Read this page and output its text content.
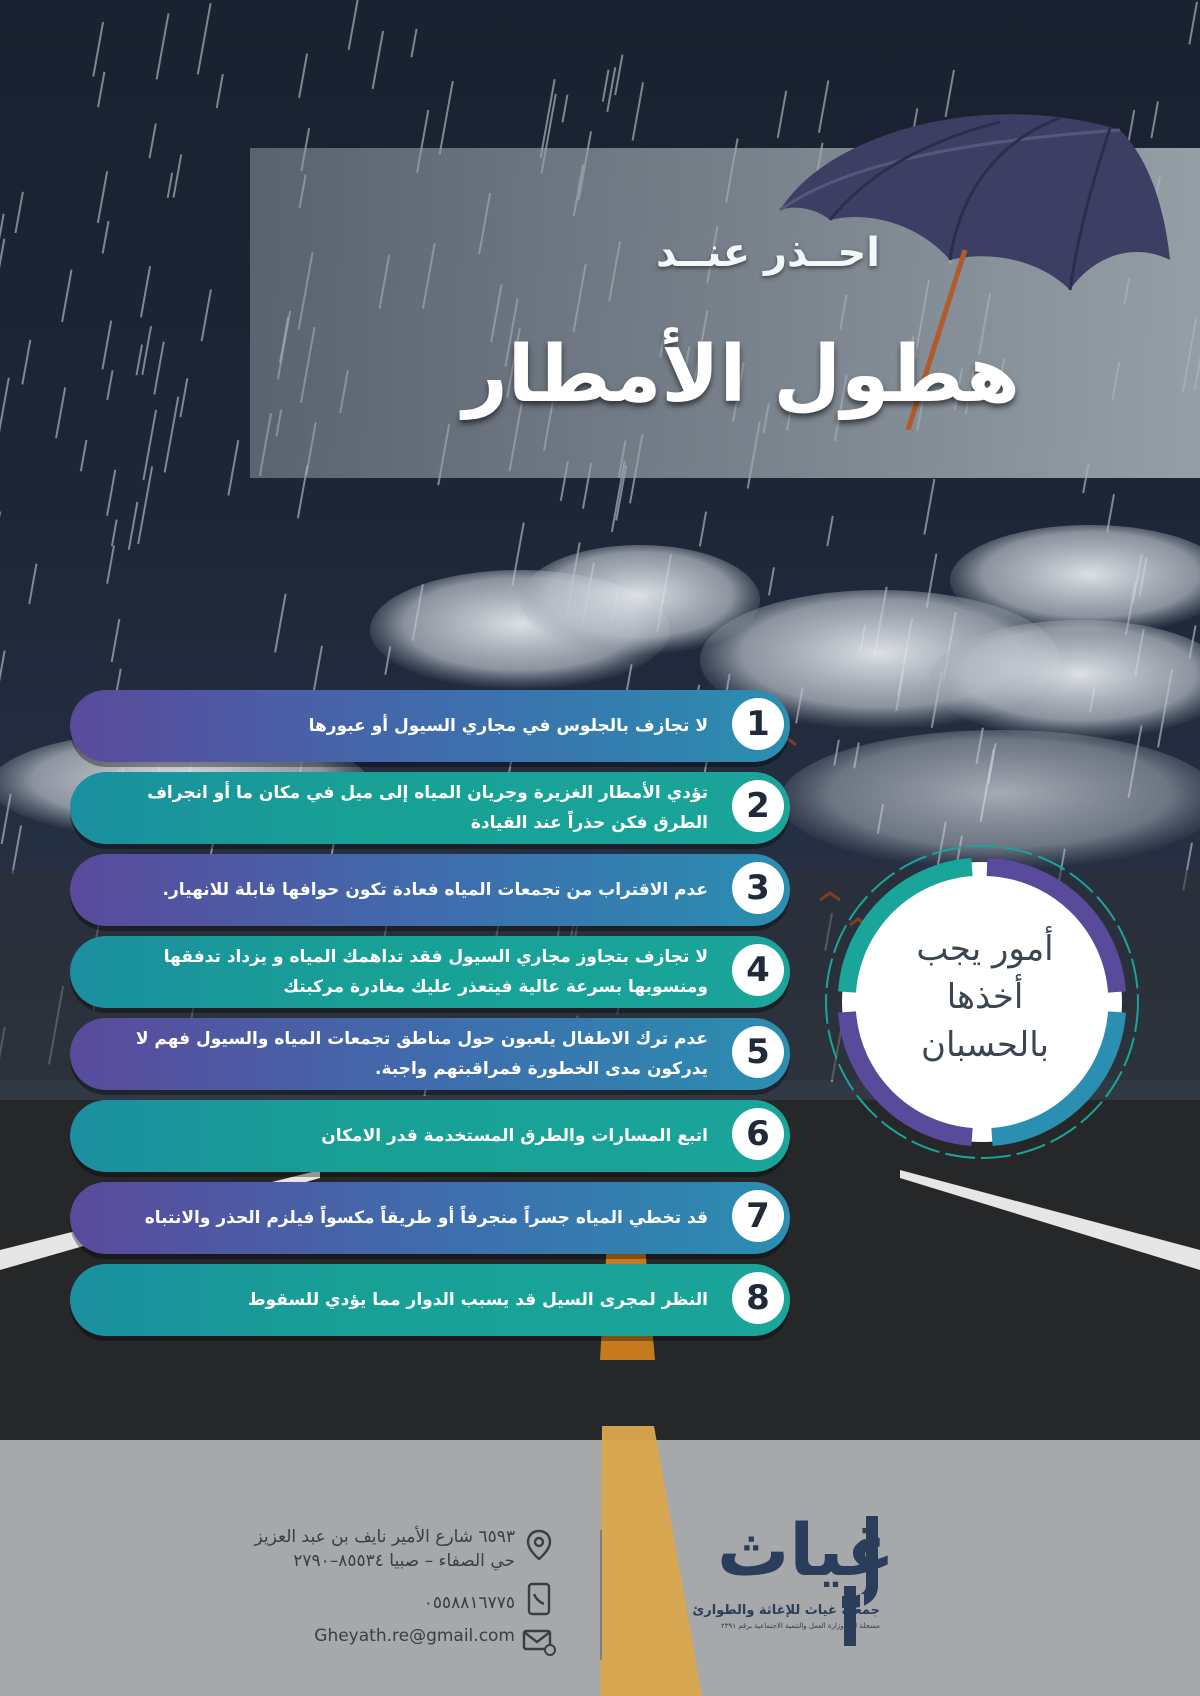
احــذر عنــد
هطول الأمطار
1
لا تجازف بالجلوس في مجاري السيول أو عبورها
2
تؤدي الأمطار الغزيرة وجريان المياه إلى ميل في مكان ما أو انجراف الطرق فكن حذراً عند القيادة
3
عدم الاقتراب من تجمعات المياه فعادة تكون حوافها قابلة للانهيار.
4
لا تجازف بتجاوز مجاري السيول فقد تداهمك المياه و يزداد تدفقها ومنسوبها بسرعة عالية فيتعذر عليك مغادرة مركبتك
5
عدم ترك الاطفال يلعبون حول مناطق تجمعات المياه والسيول فهم لا يدركون مدى الخطورة فمراقبتهم واجبة.
6
اتبع المسارات والطرق المستخدمة قدر الامكان
7
قد تخطي المياه جسراً منجرفاً أو طريقاً مكسواً فيلزم الحذر والانتباه
8
النظر لمجرى السيل قد يسبب الدوار مما يؤدي للسقوط
أمور يجب
أخذها
بالحسبان
٦٥٩٣ شارع الأمير نايف بن عبد العزيز
حي الصفاء – صبيا ٨٥٥٣٤–٢٧٩٠
٠٥٥٨٨١٦٧٧٥
Gheyath.re@gmail.com
غياث
جمعية غياث للإغاثة والطوارئ
مسجلة لدى وزارة العمل والتنمية الاجتماعية برقم ٢٣٩١
